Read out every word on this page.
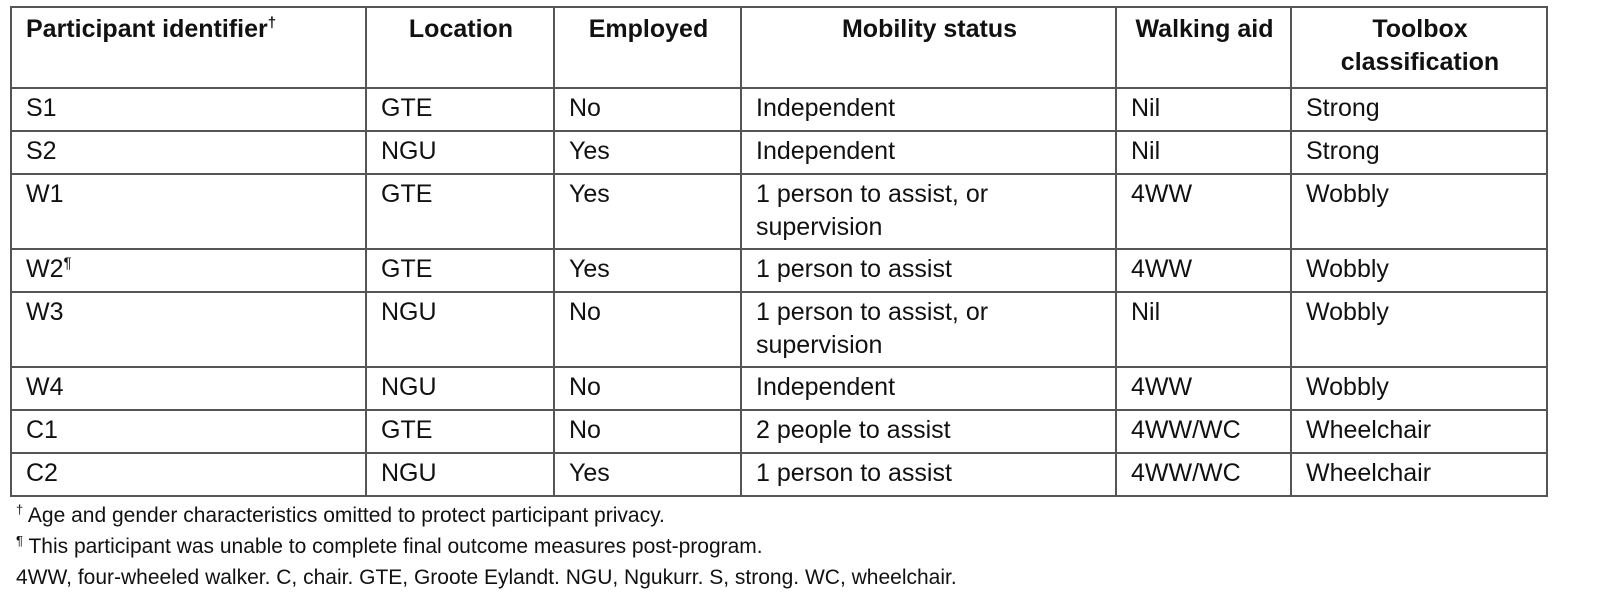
Participant identifier†	Location	Employed	Mobility status	Walking aid	Toolbox classification
S1	GTE	No	Independent	Nil	Strong
S2	NGU	Yes	Independent	Nil	Strong
W1	GTE	Yes	1 person to assist, or supervision	4WW	Wobbly
W2¶	GTE	Yes	1 person to assist	4WW	Wobbly
W3	NGU	No	1 person to assist, or supervision	Nil	Wobbly
W4	NGU	No	Independent	4WW	Wobbly
C1	GTE	No	2 people to assist	4WW/WC	Wheelchair
C2	NGU	Yes	1 person to assist	4WW/WC	Wheelchair
† Age and gender characteristics omitted to protect participant privacy.
¶ This participant was unable to complete final outcome measures post-program.
4WW, four-wheeled walker. C, chair. GTE, Groote Eylandt. NGU, Ngukurr. S, strong. WC, wheelchair.
